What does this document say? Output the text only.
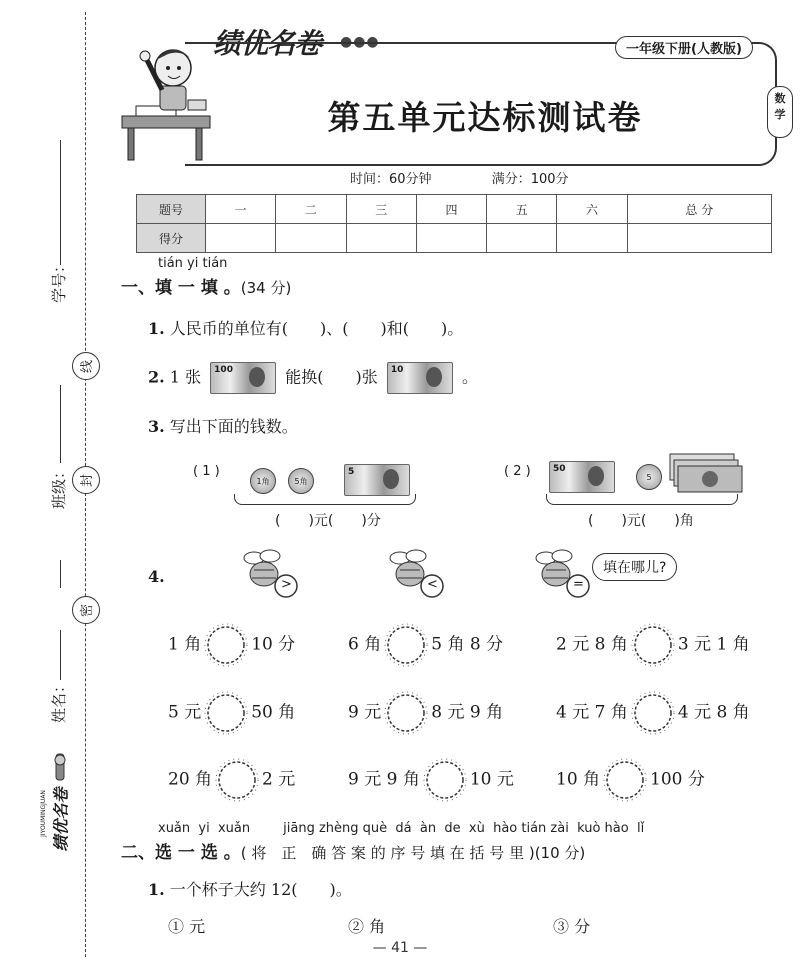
学号：
线
班级： 封
密
姓名：
绩优名卷
JIYOUMINGJUAN
绩优名卷 ●●●	一年级下册(人教版)
第五单元达标测试卷	数
学
时间：60分钟	满分：100分
题号	一	二	三	四	五	六	总 分
得分							
tián yi tián
一、填 一 填 。(34 分)
1. 人民币的单位有(　　)、(　　)和(　　)。
2. 1 张 100	能换(　　)张 10	。
3. 写出下面的钱数。
( 1 )
1角	5角
5
(　　)元(　　)分
( 2 ) 50
5
(　　)元(　　)角
4.	>	<	=
填在哪儿?
1 角	10 分	6 角	5 角 8 分	2 元 8 角	3 元 1 角
5 元	50 角	9 元	8 元 9 角	4 元 7 角	4 元 8 角
20 角	2 元	9 元 9 角	10 元 10 角	100 分
xuǎn  yi  xuǎn        jiāng zhèng què  dá  àn  de  xù  hào tián zài  kuò hào  lǐ
二、选 一 选 。( 将　正　确 答 案 的 序 号 填 在 括 号 里 )(10 分)
1. 一个杯子大约 12(　　)。
① 元	② 角	③ 分
— 41 —
